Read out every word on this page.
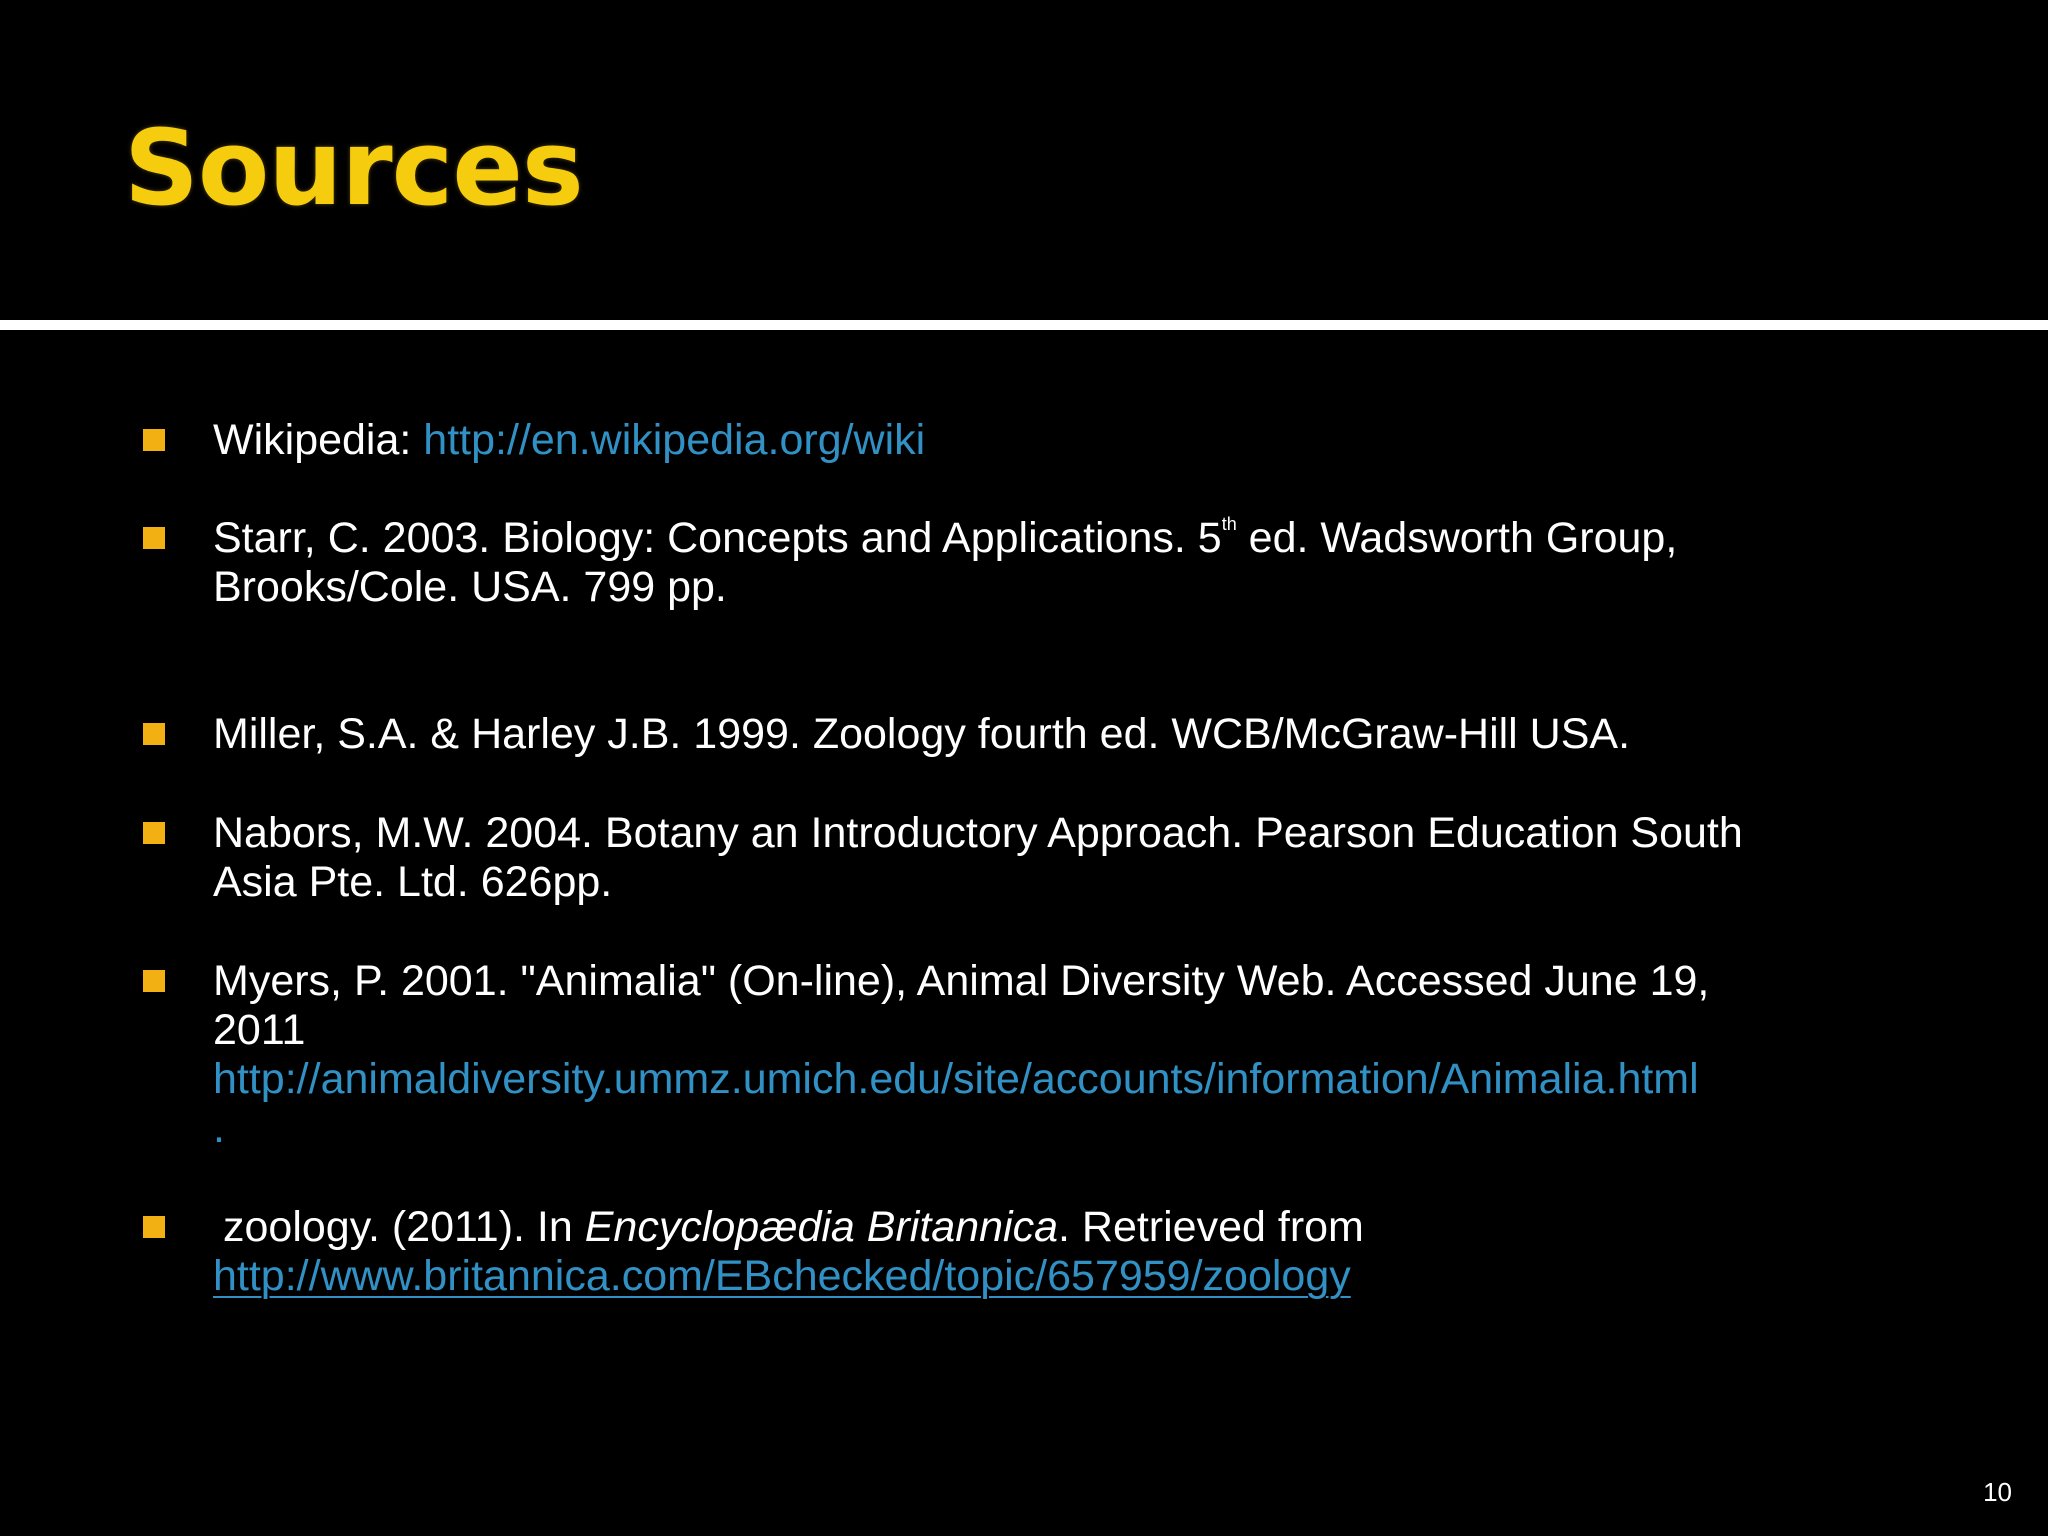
Sources
Wikipedia: http://en.wikipedia.org/wiki
Starr, C. 2003. Biology: Concepts and Applications. 5th ed. Wadsworth Group,
Brooks/Cole. USA. 799 pp.
Miller, S.A. & Harley J.B. 1999. Zoology fourth ed. WCB/McGraw-Hill USA.
Nabors, M.W. 2004. Botany an Introductory Approach. Pearson Education South
Asia Pte. Ltd. 626pp.
Myers, P. 2001. "Animalia" (On-line), Animal Diversity Web. Accessed June 19,
2011
http://animaldiversity.ummz.umich.edu/site/accounts/information/Animalia.html
.
zoology. (2011). In Encyclopædia Britannica. Retrieved from
http://www.britannica.com/EBchecked/topic/657959/zoology
10
